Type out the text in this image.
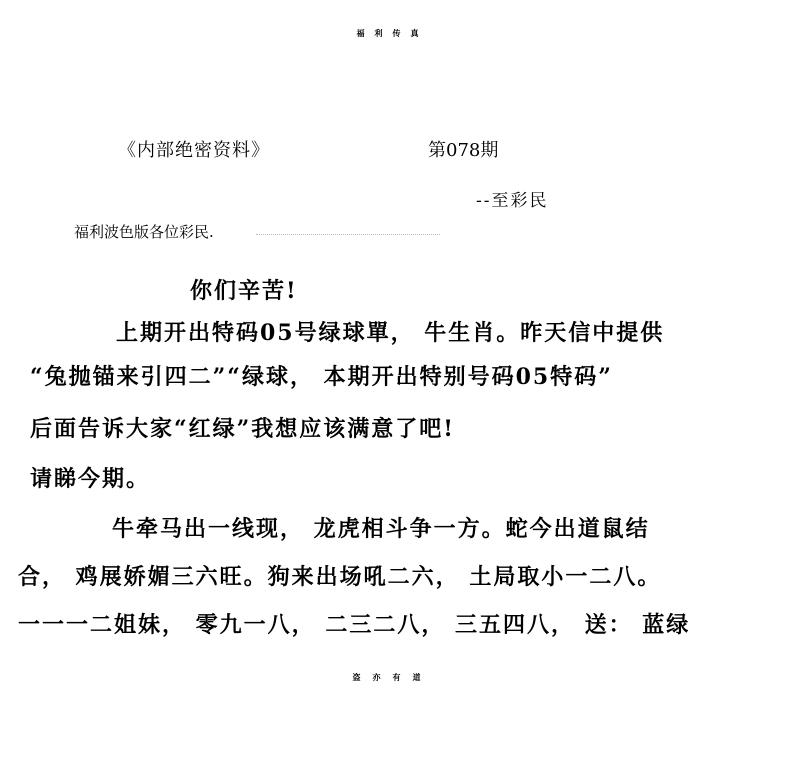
福利传真
《内部绝密资料》	第078期
--至彩民
福利波色版各位彩民.
你们辛苦!
上期开出特码05号绿球單， 牛生肖。昨天信中提供
“兔抛锚来引四二”“绿球， 本期开出特别号码05特码”
后面告诉大家“红绿”我想应该满意了吧!
请睇今期。
牛牵马出一线现， 龙虎相斗争一方。蛇今出道鼠结
合， 鸡展娇媚三六旺。狗来出场吼二六， 土局取小一二八。
一一一二姐妹， 零九一八， 二三二八， 三五四八， 送： 蓝绿
盗亦有道
